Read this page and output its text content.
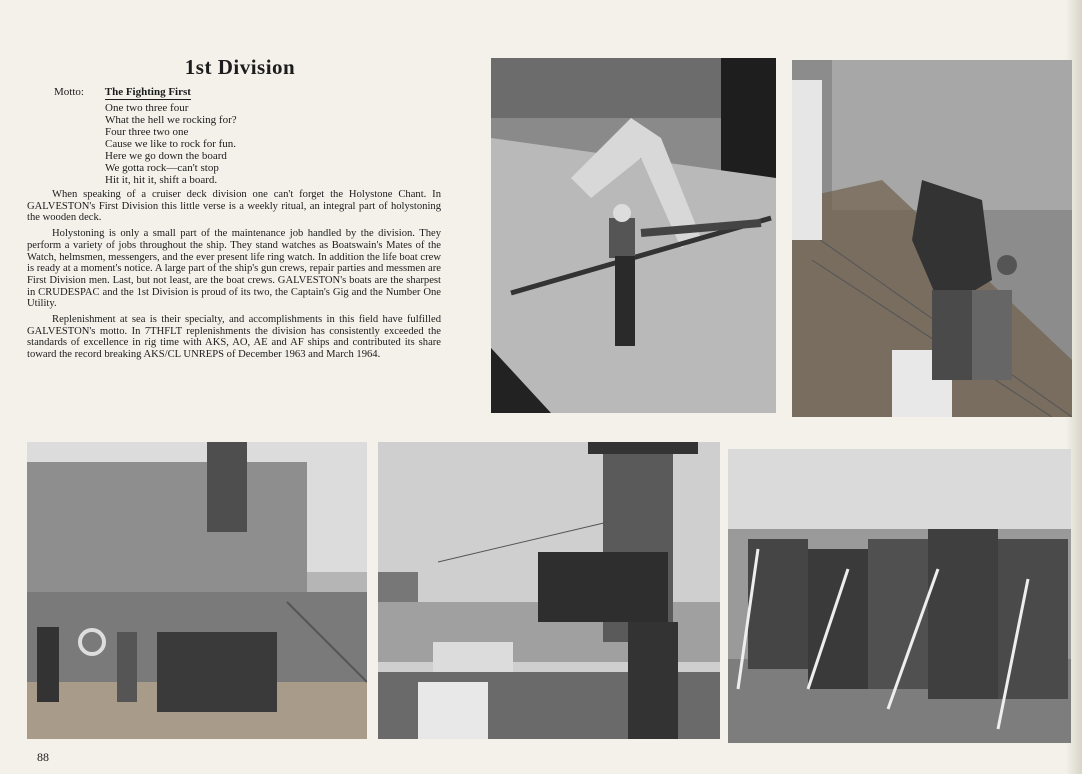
1st Division
Motto: The Fighting First
One two three four
What the hell we rocking for?
Four three two one
Cause we like to rock for fun.
Here we go down the board
We gotta rock—can't stop
Hit it, hit it, shift a board.

When speaking of a cruiser deck division one can't forget the Holystone Chant. In GALVESTON's First Division this little verse is a weekly ritual, an integral part of holystoning the wooden deck.

Holystoning is only a small part of the maintenance job handled by the division. They perform a variety of jobs throughout the ship. They stand watches as Boatswain's Mates of the Watch, helmsmen, messengers, and the ever present life ring watch. In addition the life boat crew is ready at a moment's notice. A large part of the ship's gun crews, repair parties and messmen are First Division men. Last, but not least, are the boat crews. GALVESTON's boats are the sharpest in CRUDESPAC and the 1st Division is proud of its two, the Captain's Gig and the Number One Utility.

Replenishment at sea is their specialty, and accomplishments in this field have fulfilled GALVESTON's motto. In 7THFLT replenishments the division has consistently exceeded the standards of excellence in rig time with AKS, AO, AE and AF ships and contributed its share toward the record breaking AKS/CL UNREPS of December 1963 and March 1964.

88
